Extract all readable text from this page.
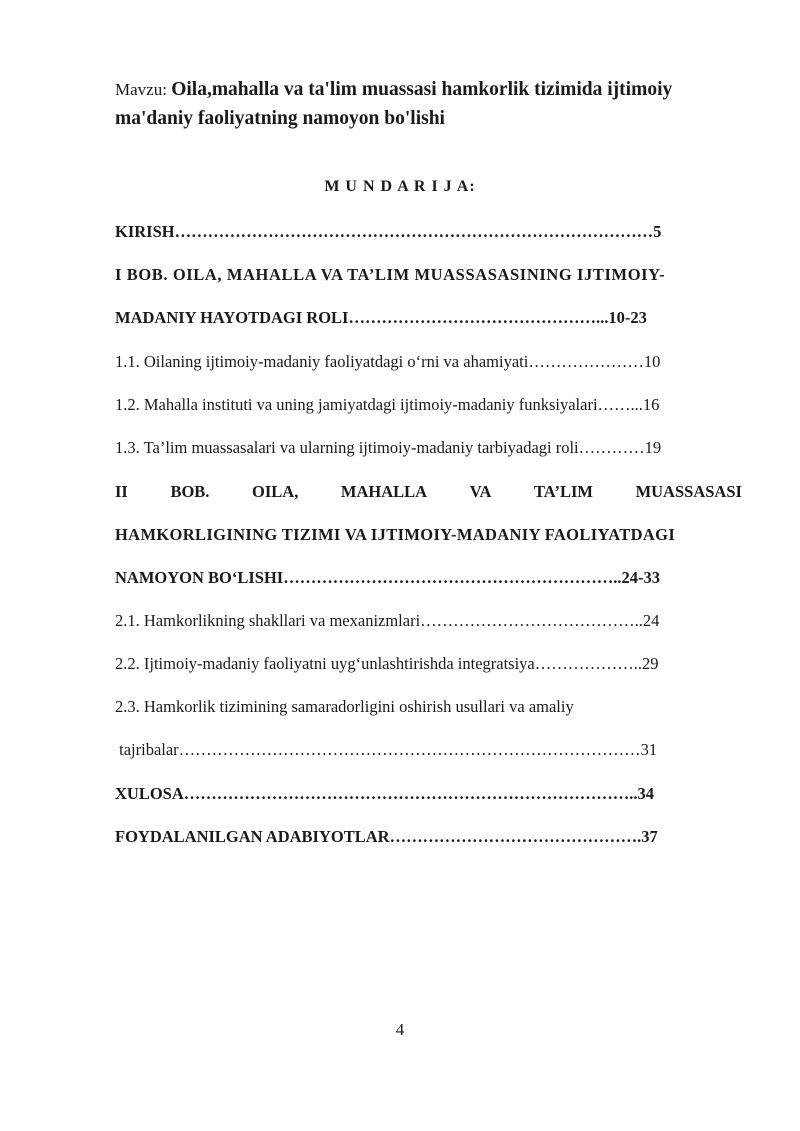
Mavzu: Oila,mahalla va ta'lim muassasi hamkorlik tizimida ijtimoiy ma'daniy faoliyatning namoyon bo'lishi
M U N D A R I J A:
KIRISH……………………………………………………………………………5
I BOB. OILA, MAHALLA VA TA’LIM MUASSASASINING IJTIMOIY-
MADANIY HAYOTDAGI ROLI………………………………………...10-23
1.1. Oilaning ijtimoiy-madaniy faoliyatdagi o‘rni va ahamiyati…………………10
1.2. Mahalla instituti va uning jamiyatdagi ijtimoiy-madaniy funksiyalari……...16
1.3. Ta’lim muassasalari va ularning ijtimoiy-madaniy tarbiyadagi roli…………19
II	BOB.	OILA,	MAHALLA	VA	TA’LIM	MUASSASASI
HAMKORLIGINING TIZIMI VA IJTIMOIY-MADANIY FAOLIYATDAGI
NAMOYON BO‘LISHI……………………………………………………..24-33
2.1. Hamkorlikning shakllari va mexanizmlari…………………………………..24
2.2. Ijtimoiy-madaniy faoliyatni uyg‘unlashtirishda integratsiya………………..29
2.3. Hamkorlik tizimining samaradorligini oshirish usullari va amaliy
tajribalar…………………………………………………………………………31
XULOSA………………………………………………………………………..34
FOYDALANILGAN ADABIYOTLAR……………………………………….37
4
